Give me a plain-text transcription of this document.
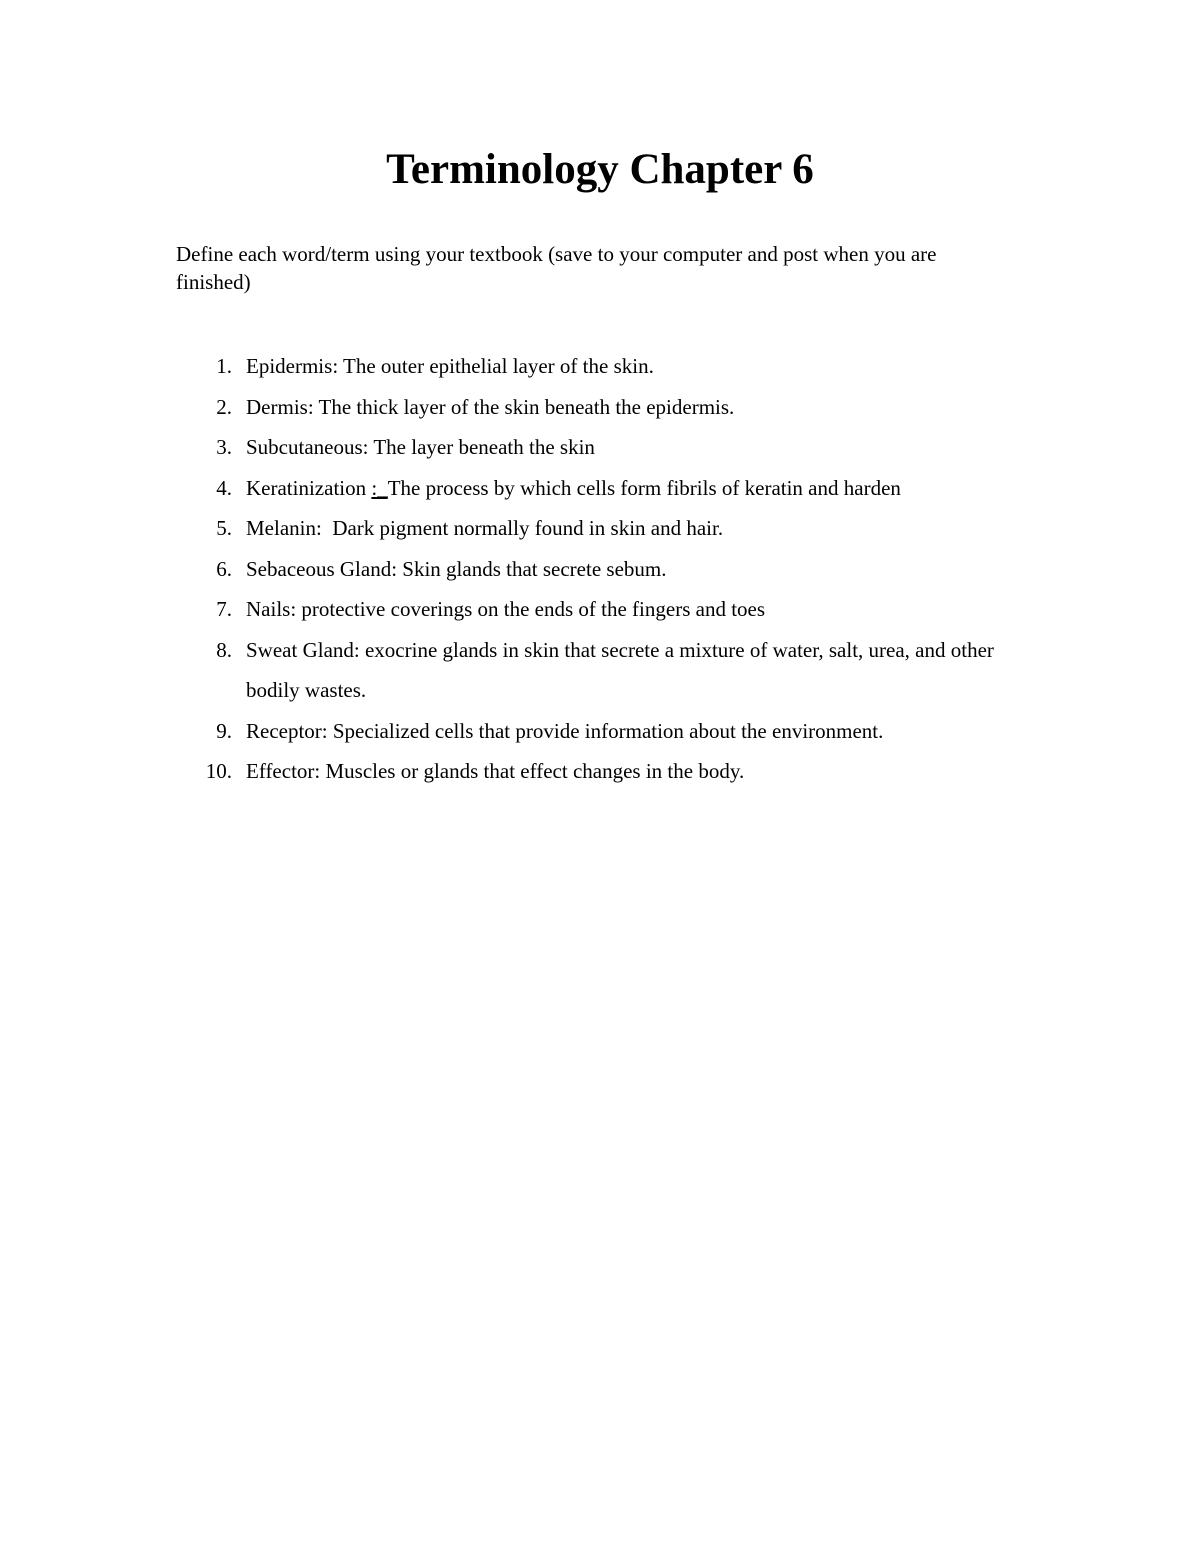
Terminology Chapter 6

Define each word/term using your textbook (save to your computer and post when you are finished)

1. Epidermis: The outer epithelial layer of the skin.
2. Dermis: The thick layer of the skin beneath the epidermis.
3. Subcutaneous: The layer beneath the skin
4. Keratinization :_The process by which cells form fibrils of keratin and harden
5. Melanin:  Dark pigment normally found in skin and hair.
6. Sebaceous Gland: Skin glands that secrete sebum.
7. Nails: protective coverings on the ends of the fingers and toes
8. Sweat Gland: exocrine glands in skin that secrete a mixture of water, salt, urea, and other bodily wastes.
9. Receptor: Specialized cells that provide information about the environment.
10. Effector: Muscles or glands that effect changes in the body.
